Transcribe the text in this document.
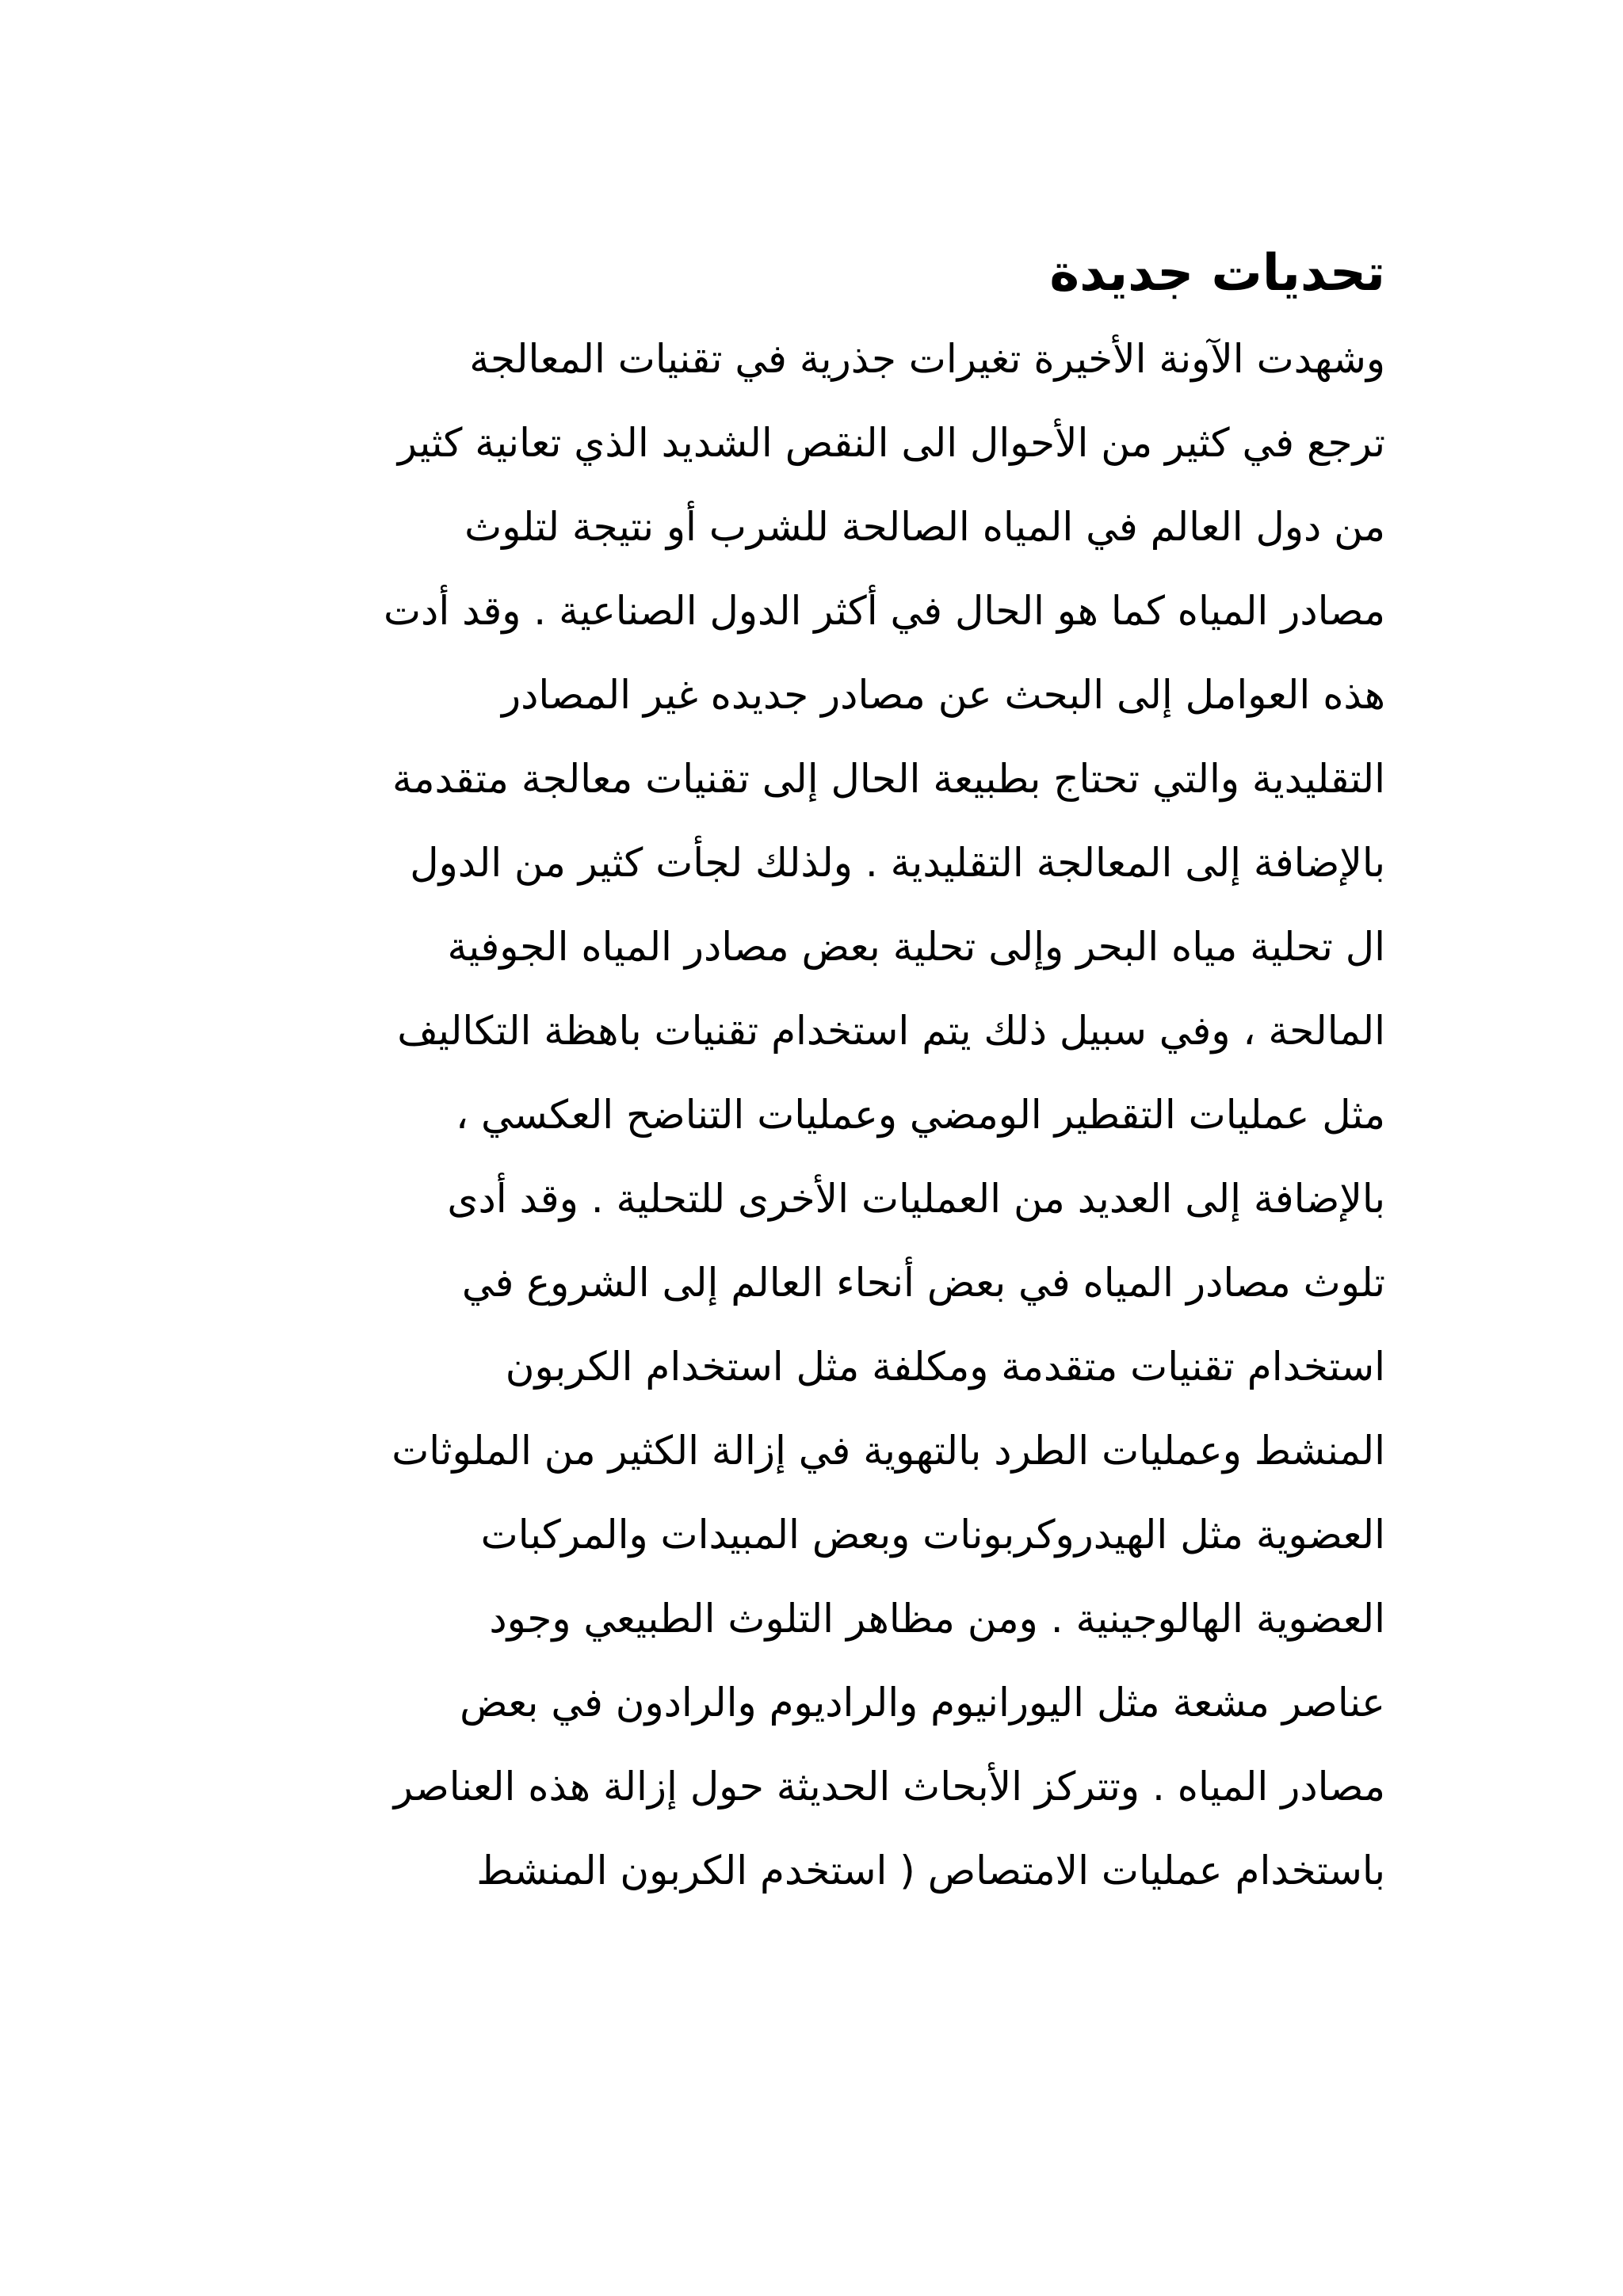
تحديات جديدة
وشهدت الآونة الأخيرة تغيرات جذرية في تقنيات المعالجة
ترجع في كثير من الأحوال الى النقص الشديد الذي تعانية كثير
من دول العالم في المياه الصالحة للشرب أو نتيجة لتلوث
مصادر المياه كما هو الحال في أكثر الدول الصناعية . وقد أدت
هذه العوامل إلى البحث عن مصادر جديده غير المصادر
التقليدية والتي تحتاج بطبيعة الحال إلى تقنيات معالجة متقدمة
بالإضافة إلى المعالجة التقليدية . ولذلك لجأت كثير من الدول
ال تحلية مياه البحر وإلى تحلية بعض مصادر المياه الجوفية
المالحة ، وفي سبيل ذلك يتم استخدام تقنيات باهظة التكاليف
مثل عمليات التقطير الومضي وعمليات التناضح العكسي ،
بالإضافة إلى العديد من العمليات الأخرى للتحلية . وقد أدى
تلوث مصادر المياه في بعض أنحاء العالم إلى الشروع في
استخدام تقنيات متقدمة ومكلفة مثل استخدام الكربون
المنشط وعمليات الطرد بالتهوية في إزالة الكثير من الملوثات
العضوية مثل الهيدروكربونات وبعض المبيدات والمركبات
العضوية الهالوجينية . ومن مظاهر التلوث الطبيعي وجود
عناصر مشعة مثل اليورانيوم والراديوم والرادون في بعض
مصادر المياه . وتتركز الأبحاث الحديثة حول إزالة هذه العناصر
باستخدام عمليات الامتصاص ( استخدم الكربون المنشط
